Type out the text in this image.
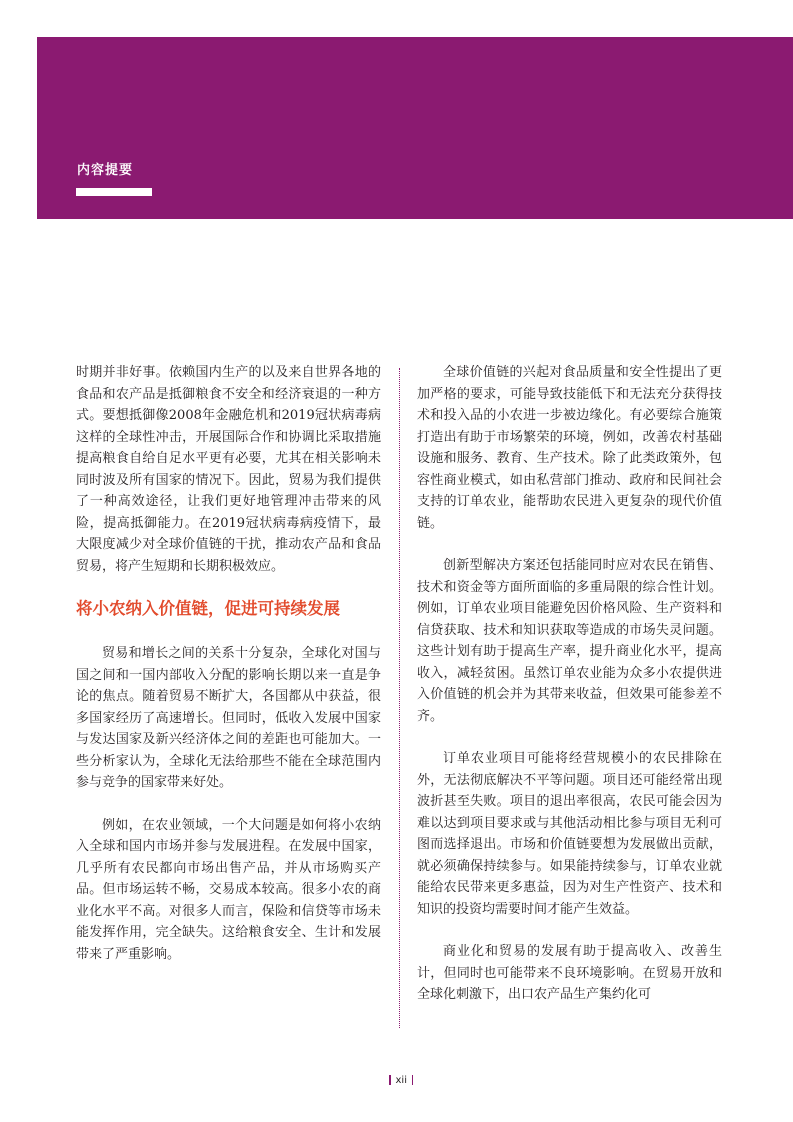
内容提要

时期并非好事。依赖国内生产的以及来自世界各地的食品和农产品是抵御粮食不安全和经济衰退的一种方式。要想抵御像2008年金融危机和2019冠状病毒病这样的全球性冲击，开展国际合作和协调比采取措施提高粮食自给自足水平更有必要，尤其在相关影响未同时波及所有国家的情况下。因此，贸易为我们提供了一种高效途径，让我们更好地管理冲击带来的风险，提高抵御能力。在2019冠状病毒病疫情下，最大限度减少对全球价值链的干扰，推动农产品和食品贸易，将产生短期和长期积极效应。

将小农纳入价值链，促进可持续发展

贸易和增长之间的关系十分复杂，全球化对国与国之间和一国内部收入分配的影响长期以来一直是争论的焦点。随着贸易不断扩大，各国都从中获益，很多国家经历了高速增长。但同时，低收入发展中国家与发达国家及新兴经济体之间的差距也可能加大。一些分析家认为，全球化无法给那些不能在全球范围内参与竞争的国家带来好处。

例如，在农业领域，一个大问题是如何将小农纳入全球和国内市场并参与发展进程。在发展中国家，几乎所有农民都向市场出售产品，并从市场购买产品。但市场运转不畅，交易成本较高。很多小农的商业化水平不高。对很多人而言，保险和信贷等市场未能发挥作用，完全缺失。这给粮食安全、生计和发展带来了严重影响。

全球价值链的兴起对食品质量和安全性提出了更加严格的要求，可能导致技能低下和无法充分获得技术和投入品的小农进一步被边缘化。有必要综合施策打造出有助于市场繁荣的环境，例如，改善农村基础设施和服务、教育、生产技术。除了此类政策外，包容性商业模式，如由私营部门推动、政府和民间社会支持的订单农业，能帮助农民进入更复杂的现代价值链。

创新型解决方案还包括能同时应对农民在销售、技术和资金等方面所面临的多重局限的综合性计划。例如，订单农业项目能避免因价格风险、生产资料和信贷获取、技术和知识获取等造成的市场失灵问题。这些计划有助于提高生产率，提升商业化水平，提高收入，减轻贫困。虽然订单农业能为众多小农提供进入价值链的机会并为其带来收益，但效果可能参差不齐。

订单农业项目可能将经营规模小的农民排除在外，无法彻底解决不平等问题。项目还可能经常出现波折甚至失败。项目的退出率很高，农民可能会因为难以达到项目要求或与其他活动相比参与项目无利可图而选择退出。市场和价值链要想为发展做出贡献，就必须确保持续参与。如果能持续参与，订单农业就能给农民带来更多惠益，因为对生产性资产、技术和知识的投资均需要时间才能产生效益。

商业化和贸易的发展有助于提高收入、改善生计，但同时也可能带来不良环境影响。在贸易开放和全球化刺激下，出口农产品生产集约化可

xii
